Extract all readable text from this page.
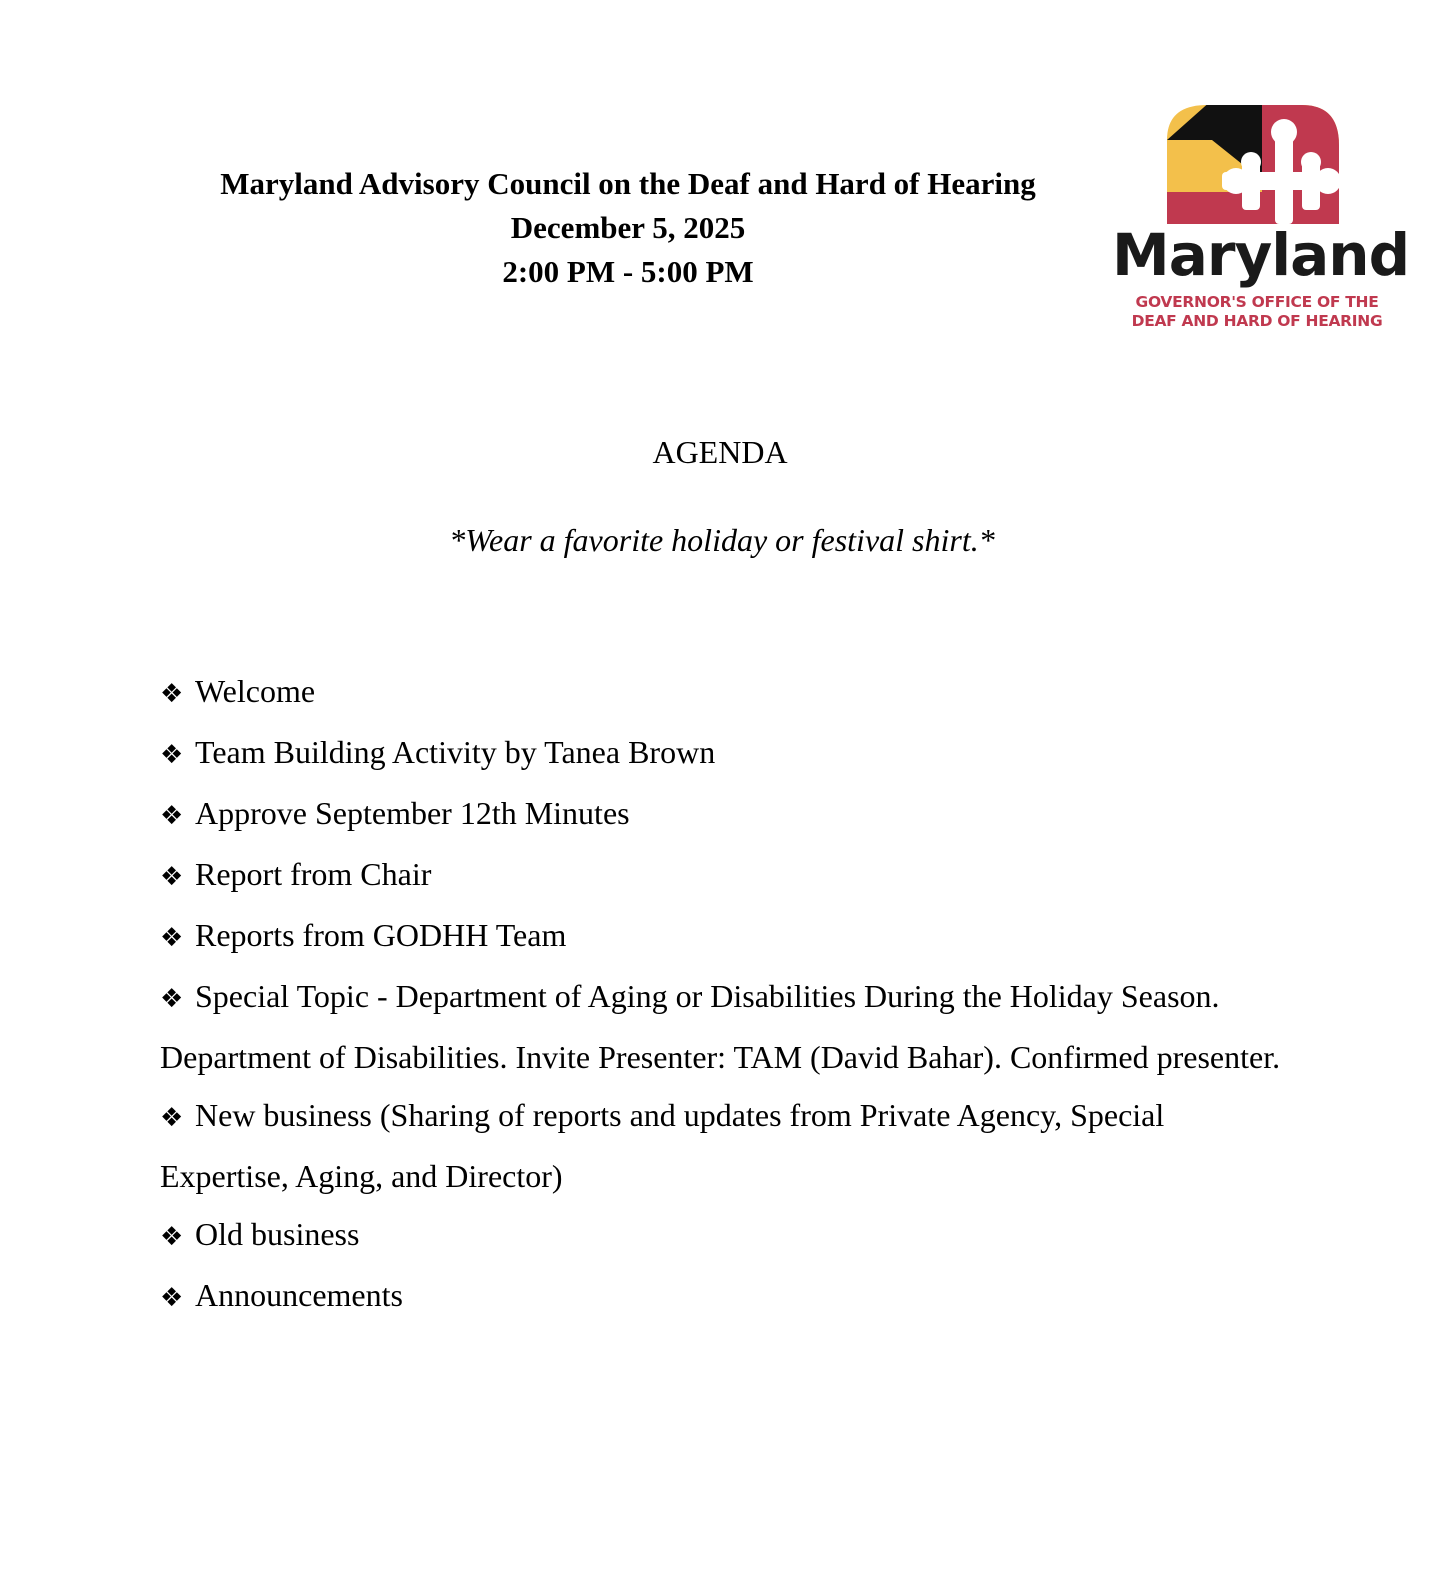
Maryland Advisory Council on the Deaf and Hard of Hearing
December 5, 2025
2:00 PM - 5:00 PM	Maryland
GOVERNOR'S OFFICE OF THE
DEAF AND HARD OF HEARING
AGENDA
*Wear a favorite holiday or festival shirt.*
❖ Welcome
❖ Team Building Activity by Tanea Brown
❖ Approve September 12th Minutes
❖ Report from Chair
❖ Reports from GODHH Team
❖ Special Topic - Department of Aging or Disabilities During the Holiday Season. Department of Disabilities. Invite Presenter: TAM (David Bahar). Confirmed presenter.
❖ New business (Sharing of reports and updates from Private Agency, Special Expertise, Aging, and Director)
❖ Old business
❖ Announcements
